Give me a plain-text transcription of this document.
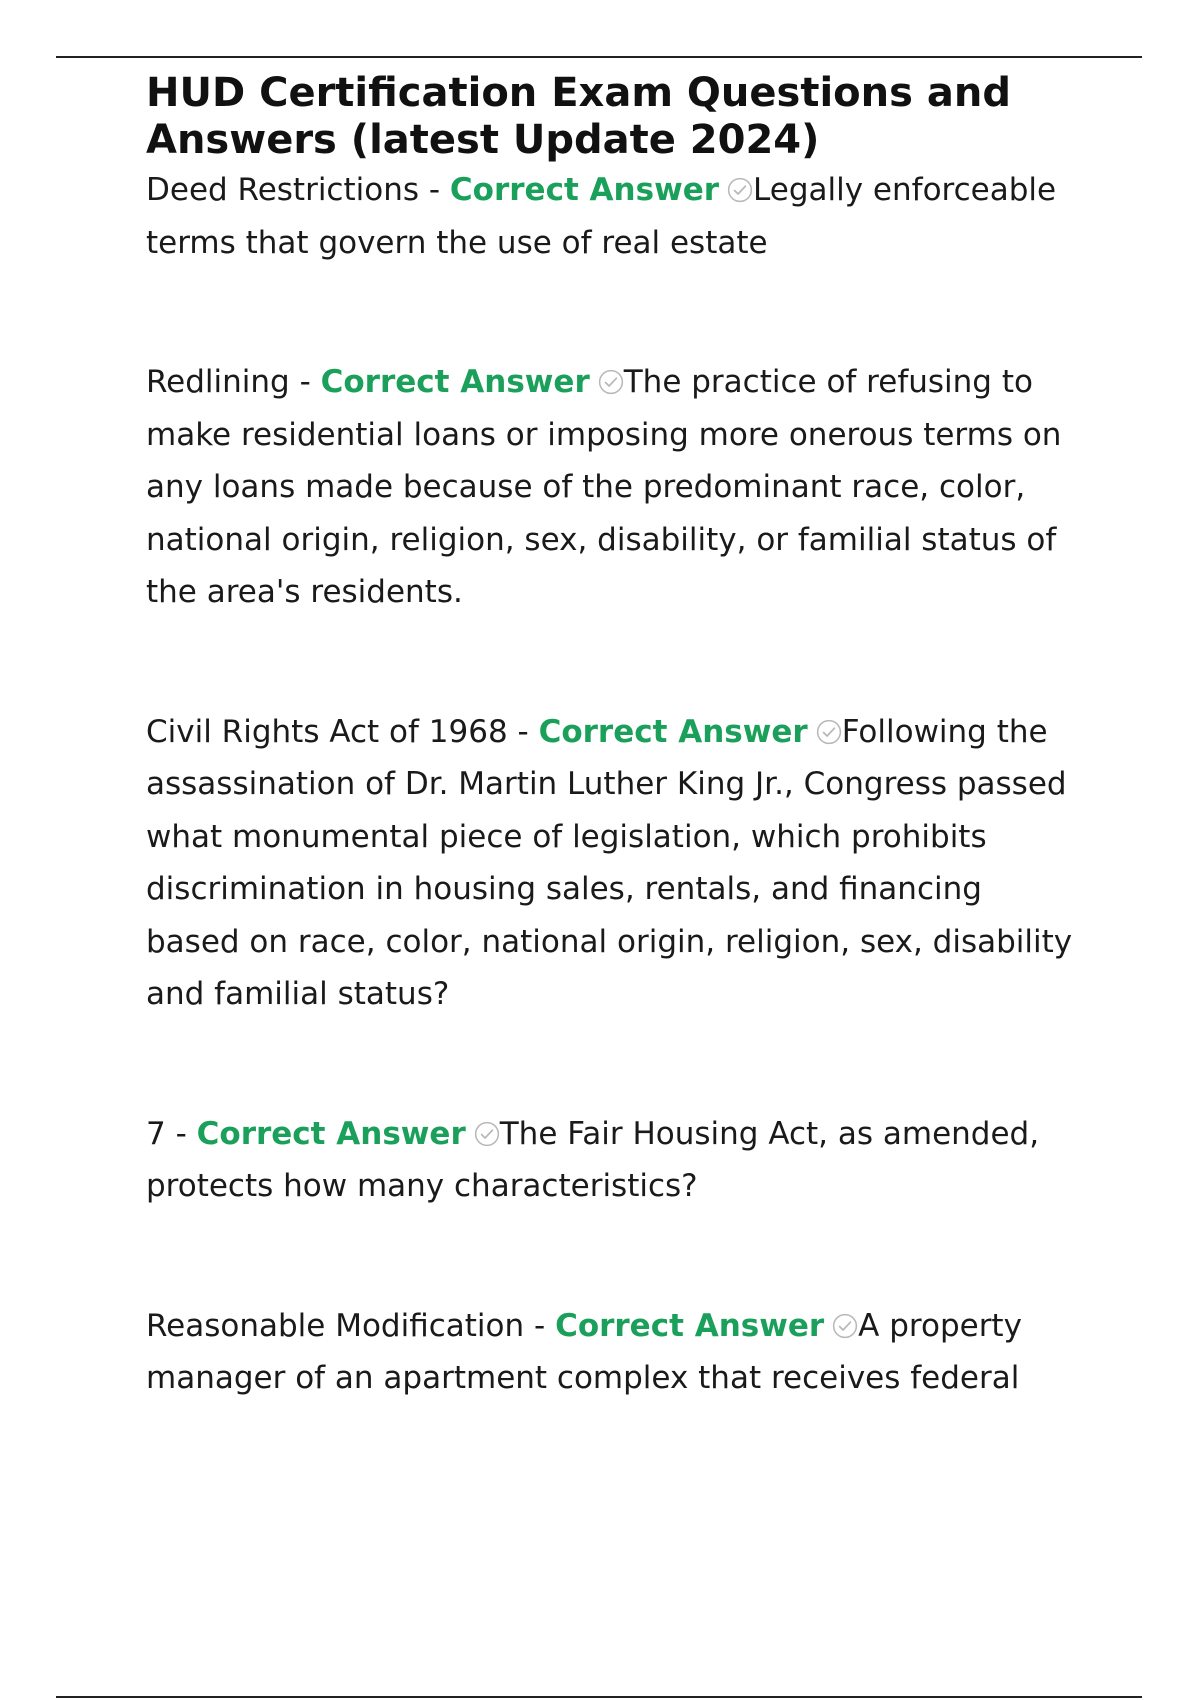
HUD Certification Exam Questions and Answers (latest Update 2024)

Deed Restrictions - Correct Answer Legally enforceable terms that govern the use of real estate

Redlining - Correct Answer The practice of refusing to make residential loans or imposing more onerous terms on any loans made because of the predominant race, color, national origin, religion, sex, disability, or familial status of the area's residents.

Civil Rights Act of 1968 - Correct Answer Following the assassination of Dr. Martin Luther King Jr., Congress passed what monumental piece of legislation, which prohibits discrimination in housing sales, rentals, and financing based on race, color, national origin, religion, sex, disability and familial status?

7 - Correct Answer The Fair Housing Act, as amended, protects how many characteristics?

Reasonable Modification - Correct Answer A property manager of an apartment complex that receives federal
